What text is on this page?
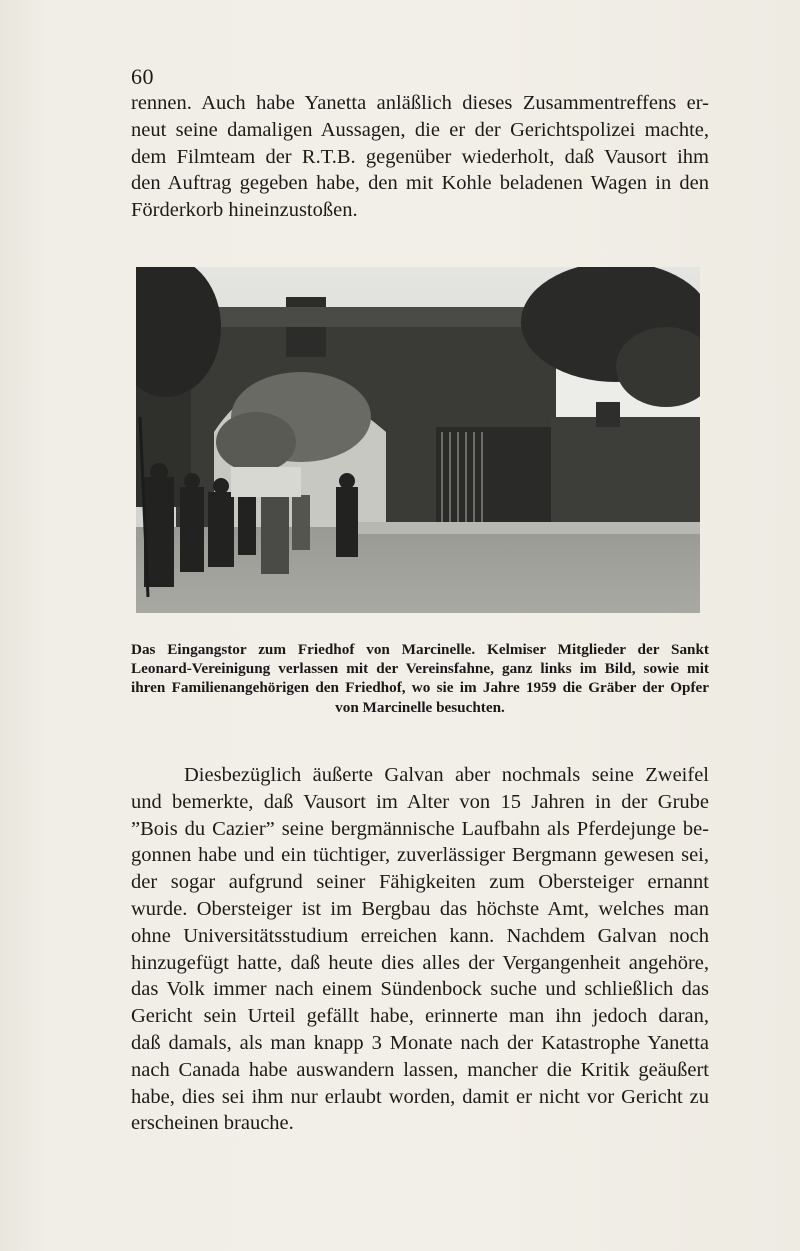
60
rennen. Auch habe Yanetta anläßlich dieses Zusammentreffens er-
neut seine damaligen Aussagen, die er der Gerichtspolizei machte,
dem Filmteam der R.T.B. gegenüber wiederholt, daß Vausort ihm
den Auftrag gegeben habe, den mit Kohle beladenen Wagen in den
Förderkorb hineinzustoßen.
Das Eingangstor zum Friedhof von Marcinelle. Kelmiser Mitglieder der Sankt
Leonard-Vereinigung verlassen mit der Vereinsfahne, ganz links im Bild, sowie mit
ihren Familienangehörigen den Friedhof, wo sie im Jahre 1959 die Gräber der Opfer
von Marcinelle besuchten.
Diesbezüglich äußerte Galvan aber nochmals seine Zweifel
und bemerkte, daß Vausort im Alter von 15 Jahren in der Grube
”Bois du Cazier” seine bergmännische Laufbahn als Pferdejunge be-
gonnen habe und ein tüchtiger, zuverlässiger Bergmann gewesen sei,
der sogar aufgrund seiner Fähigkeiten zum Obersteiger ernannt
wurde. Obersteiger ist im Bergbau das höchste Amt, welches man
ohne Universitätsstudium erreichen kann. Nachdem Galvan noch
hinzugefügt hatte, daß heute dies alles der Vergangenheit angehöre,
das Volk immer nach einem Sündenbock suche und schließlich das
Gericht sein Urteil gefällt habe, erinnerte man ihn jedoch daran,
daß damals, als man knapp 3 Monate nach der Katastrophe Yanetta
nach Canada habe auswandern lassen, mancher die Kritik geäußert
habe, dies sei ihm nur erlaubt worden, damit er nicht vor Gericht zu
erscheinen brauche.
